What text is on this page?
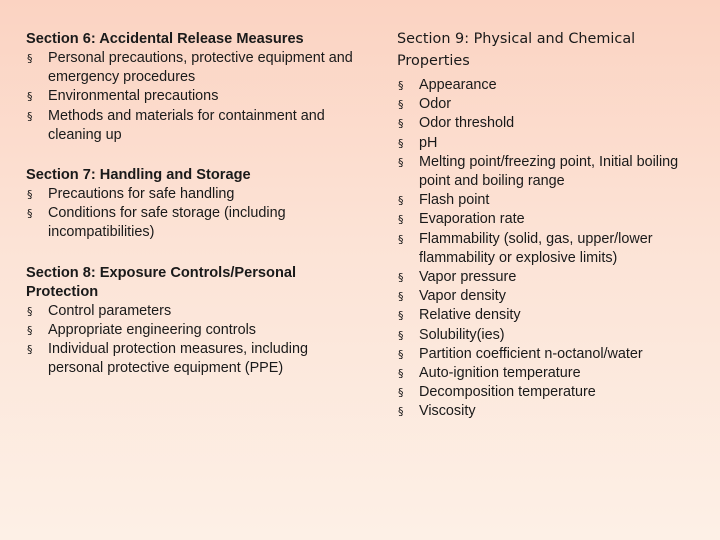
Section 6: Accidental Release Measures

§ Personal precautions, protective equipment and emergency procedures
§ Environmental precautions
§ Methods and materials for containment and cleaning up

Section 7: Handling and Storage

§ Precautions for safe handling
§ Conditions for safe storage (including incompatibilities)

Section 8: Exposure Controls/Personal Protection

§ Control parameters
§ Appropriate engineering controls
§ Individual protection measures, including personal protective equipment (PPE)

Section 9: Physical and Chemical Properties

§ Appearance
§ Odor
§ Odor threshold
§ pH
§ Melting point/freezing point, Initial boiling point and boiling range
§ Flash point
§ Evaporation rate
§ Flammability (solid, gas, upper/lower flammability or explosive limits)
§ Vapor pressure
§ Vapor density
§ Relative density
§ Solubility(ies)
§ Partition coefficient n-octanol/water
§ Auto-ignition temperature
§ Decomposition temperature
§ Viscosity
